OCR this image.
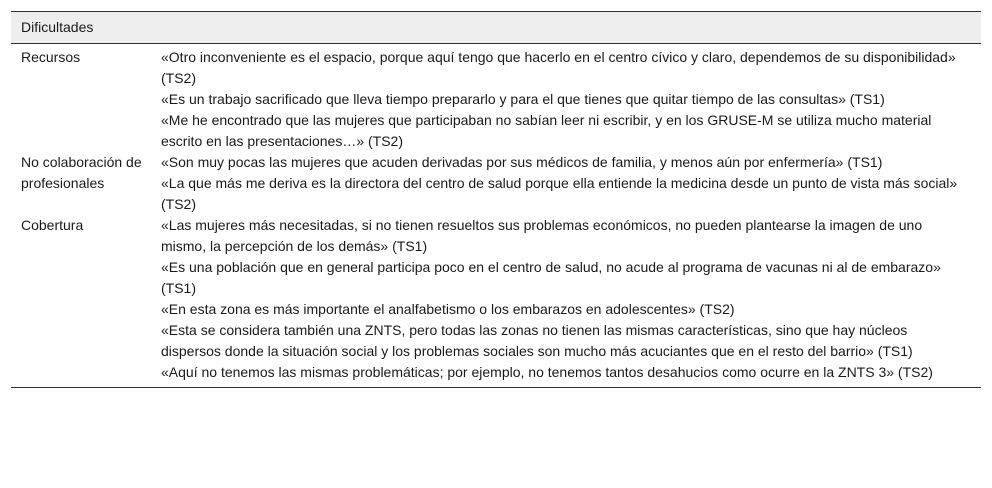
Dificultades	
Recursos	«Otro inconveniente es el espacio, porque aquí tengo que hacerlo en el centro cívico y claro, dependemos de su disponibilidad» (TS2)
«Es un trabajo sacrificado que lleva tiempo prepararlo y para el que tienes que quitar tiempo de las consultas» (TS1)
«Me he encontrado que las mujeres que participaban no sabían leer ni escribir, y en los GRUSE-M se utiliza mucho material escrito en las presentaciones…» (TS2)

No colaboración de profesionales	«Son muy pocas las mujeres que acuden derivadas por sus médicos de familia, y menos aún por enfermería» (TS1)
«La que más me deriva es la directora del centro de salud porque ella entiende la medicina desde un punto de vista más social» (TS2)

Cobertura	«Las mujeres más necesitadas, si no tienen resueltos sus problemas económicos, no pueden plantearse la imagen de uno mismo, la percepción de los demás» (TS1)
«Es una población que en general participa poco en el centro de salud, no acude al programa de vacunas ni al de embarazo» (TS1)
«En esta zona es más importante el analfabetismo o los embarazos en adolescentes» (TS2)
«Esta se considera también una ZNTS, pero todas las zonas no tienen las mismas características, sino que hay núcleos dispersos donde la situación social y los problemas sociales son mucho más acuciantes que en el resto del barrio» (TS1)
«Aquí no tenemos las mismas problemáticas; por ejemplo, no tenemos tantos desahucios como ocurre en la ZNTS 3» (TS2)
